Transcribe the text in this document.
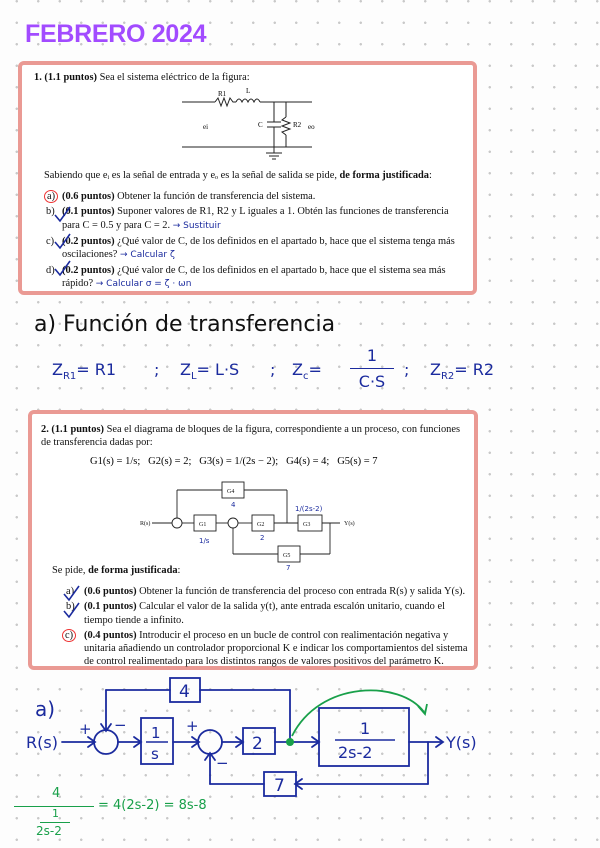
FEBRERO 2024
1. (1.1 puntos) Sea el sistema eléctrico de la figura:
R1	L
C	R2
ei	eo
Sabiendo que eᵢ es la señal de entrada y eₒ es la señal de salida se pide, de forma justificada:
a) (0.6 puntos) Obtener la función de transferencia del sistema.
b) (0.1 puntos) Suponer valores de R1, R2 y L iguales a 1. Obtén las funciones de transferencia para C = 0.5 y para C = 2. → Sustituir
c) (0.2 puntos) ¿Qué valor de C, de los definidos en el apartado b, hace que el sistema tenga más oscilaciones? → Calcular ζ
d) (0.2 puntos) ¿Qué valor de C, de los definidos en el apartado b, hace que el sistema sea más rápido? → Calcular σ = ζ · ωn
a) Función de transferencia
$Z_{R1}= R1$ ; $Z_L= L\cdot S$ ; $Z_c=$
1
C·S
; $Z_{R2}= R2$
2. (1.1 puntos) Sea el diagrama de bloques de la figura, correspondiente a un proceso, con funciones de transferencia dadas por:
G1(s) = 1/s; G2(s) = 2; G3(s) = 1/(2s − 2); G4(s) = 4; G5(s) = 7
R(s)	Y(s)
G1	G2	G3
G4
G5
4
1/s	2
1/(2s-2)
7
Se pide, de forma justificada:
a) (0.6 puntos) Obtener la función de transferencia del proceso con entrada R(s) y salida Y(s).
b) (0.1 puntos) Calcular el valor de la salida y(t), ante entrada escalón unitario, cuando el tiempo tiende a infinito.
c) (0.4 puntos) Introducir el proceso en un bucle de control con realimentación negativa y unitaria añadiendo un controlador proporcional K e indicar los comportamientos del sistema de control realimentado para los distintos rangos de valores positivos del parámetro K.
a)
R(s)	Y(s)
+ −	+
−
4
1
s	2
1
2s-2
7
4
1
2s-2
= 4(2s-2) = 8s-8
